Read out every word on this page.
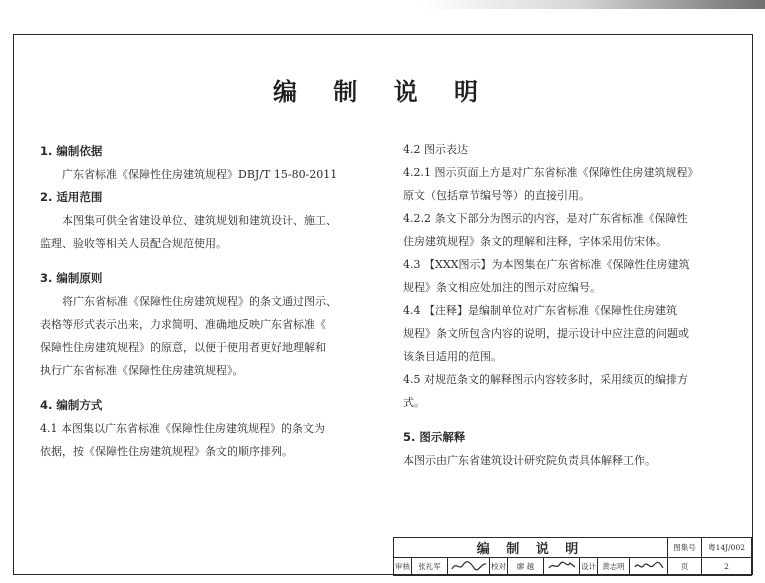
编 制 说 明

1. 编制依据

广东省标准《保障性住房建筑规程》DBJ/T 15-80-2011

2. 适用范围

本图集可供全省建设单位、建筑规划和建筑设计、施工、

监理、验收等相关人员配合规范使用。

3. 编制原则

将广东省标准《保障性住房建筑规程》的条文通过图示、

表格等形式表示出来，力求简明、准确地反映广东省标准《

保障性住房建筑规程》的原意，以便于使用者更好地理解和

执行广东省标准《保障性住房建筑规程》。

4. 编制方式

4.1 本图集以广东省标准《保障性住房建筑规程》的条文为

依据，按《保障性住房建筑规程》条文的顺序排列。

4.2 图示表达

4.2.1 图示页面上方是对广东省标准《保障性住房建筑规程》

原文（包括章节编号等）的直接引用。

4.2.2 条文下部分为图示的内容，是对广东省标准《保障性

住房建筑规程》条文的理解和注释，字体采用仿宋体。

4.3 【XXX图示】为本图集在广东省标准《保障性住房建筑

规程》条文相应处加注的图示对应编号。

4.4 【注释】是编制单位对广东省标准《保障性住房建筑

规程》条文所包含内容的说明，提示设计中应注意的问题或

该条目适用的范围。

4.5 对规范条文的解释图示内容较多时，采用续页的编排方

式。

5. 图示解释

本图示由广东省建筑设计研究院负责具体解释工作。

编 制 说 明									图集号	粤14J/002
审核	张礼军		校对	廖 越		设计	黄志明		页	2
